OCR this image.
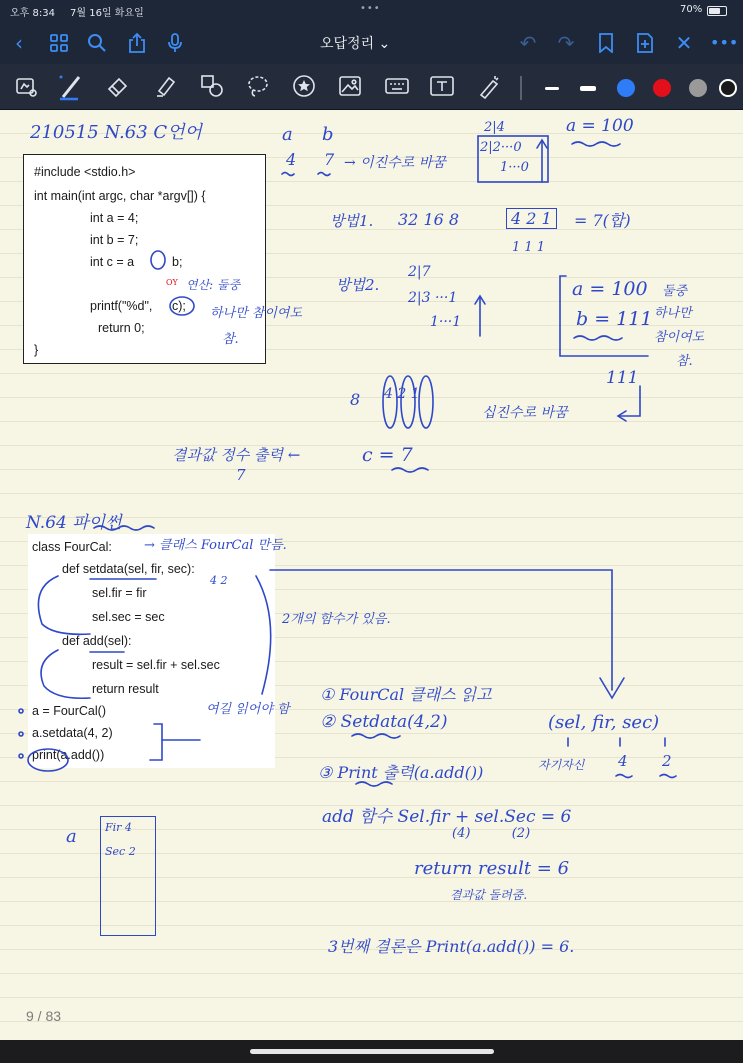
오후 8:34 7월 16일 화요일	•••	70%
‹	오답정리 ⌄	↶ ↷	✕ •••
210515 N.63 C언어
#include <stdio.h>
int main(int argc, char *argv[]) {
int a = 4;
int b = 7;
int c = a	b;
printf("%d", c);
return 0;
}
OY 연산: 둘중
하나만 참이여도
참.
a b
4 7 → 이진수로 바꿈
2|4
2|2···0
1···0
a = 100
방법1. 32 16 8	4 2 1	= 7(합)
1 1 1
방법2.
2|7
2|3 ···1
1···1
a = 100
b = 111
둘중
하나만
참이여도
참.
111
8 4 2 1
십진수로 바꿈
결과값 정수 출력 ←
7
c = 7
N.64 파이썬
class FourCal:
def setdata(sel, fir, sec):
sel.fir = fir
sel.sec = sec
def add(sel):
result = sel.fir + sel.sec
return result
a = FourCal()
a.setdata(4, 2)
print(a.add())
→ 클래스 FourCal 만듬.
4 2
2개의 함수가 있음.
여길 읽어야 함
① FourCal 클래스 읽고
② Setdata(4,2)	(sel, fir, sec)
③ Print 출력(a.add())	자기자신 4 2
add 함수 Sel.fir + sel.Sec = 6
(4)          (2)
return result = 6
결과값 돌려줌.
3번째 결론은 Print(a.add()) = 6.
a	Fir 4
Sec 2
9 / 83
